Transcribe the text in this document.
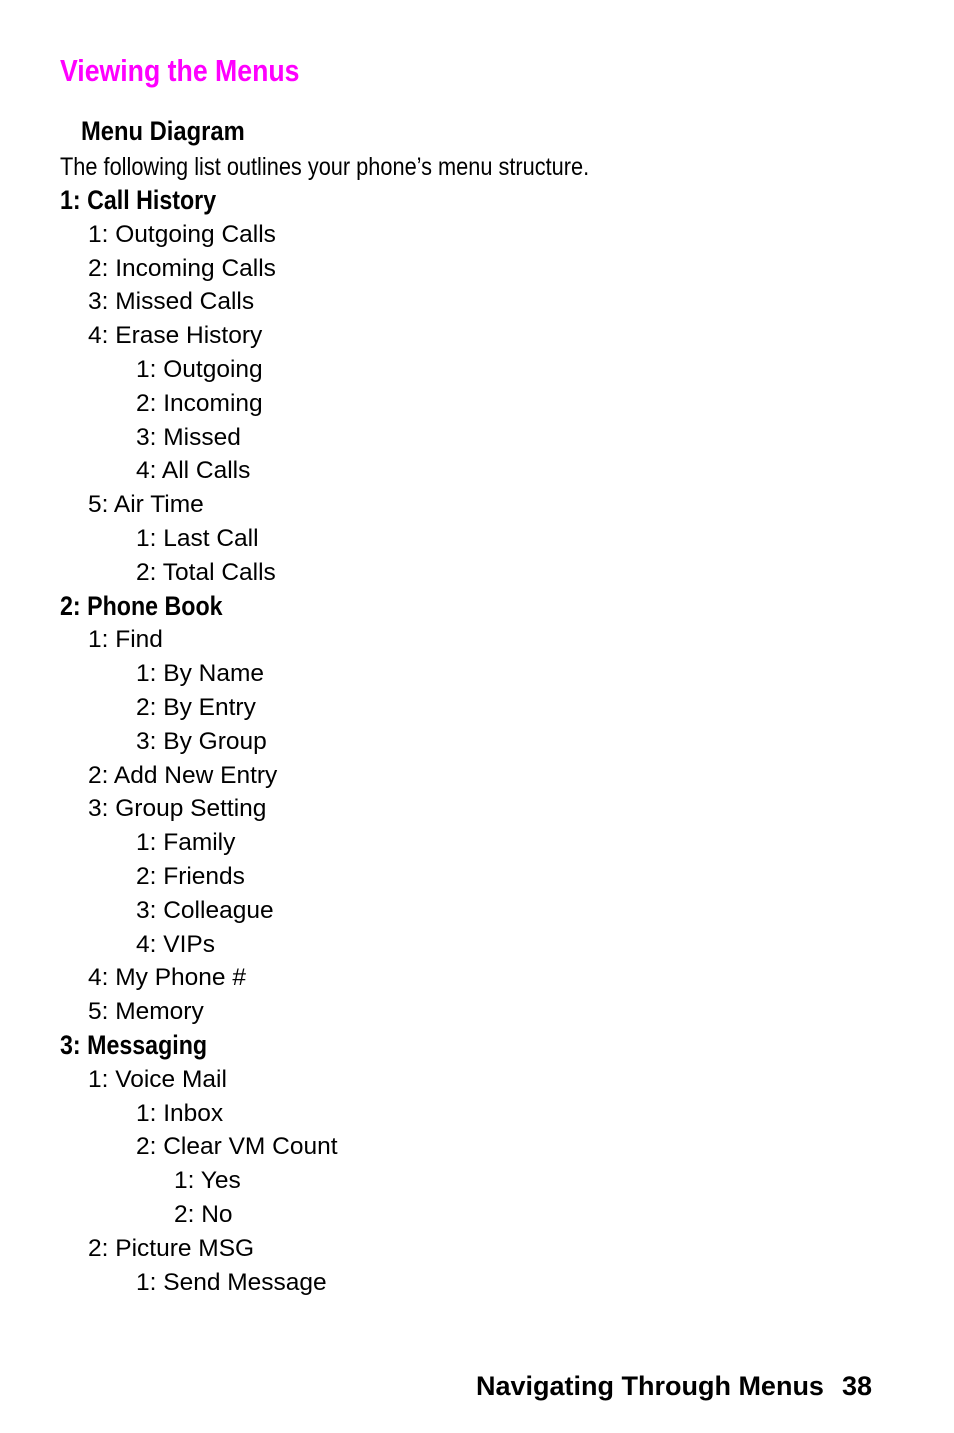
Viewing the Menus
Menu Diagram
The following list outlines your phone’s menu structure.
1: Call History
1: Outgoing Calls
2: Incoming Calls
3: Missed Calls
4: Erase History
1: Outgoing
2: Incoming
3: Missed
4: All Calls
5: Air Time
1: Last Call
2: Total Calls
2: Phone Book
1: Find
1: By Name
2: By Entry
3: By Group
2: Add New Entry
3: Group Setting
1: Family
2: Friends
3: Colleague
4: VIPs
4: My Phone #
5: Memory
3: Messaging
1: Voice Mail
1: Inbox
2: Clear VM Count
1: Yes
2: No
2: Picture MSG
1: Send Message
Navigating Through Menus 38
